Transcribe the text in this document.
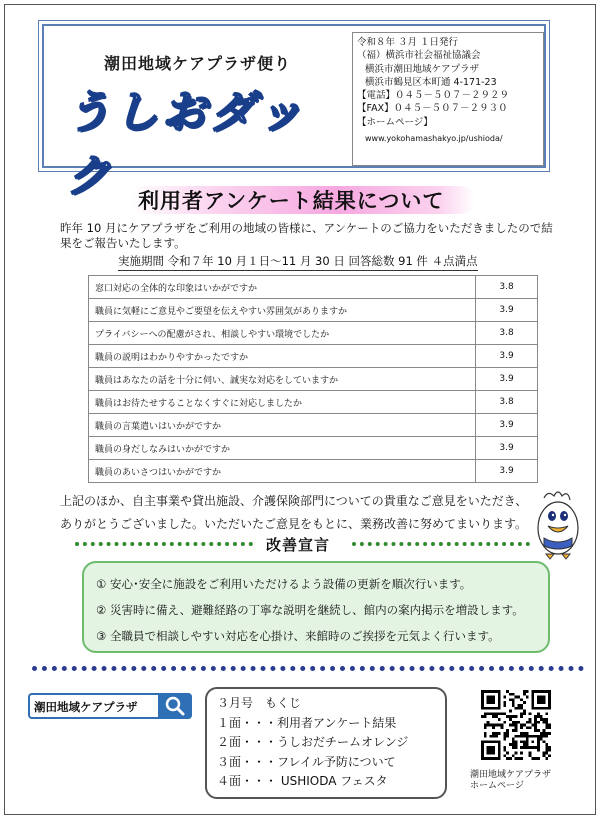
潮田地域ケアプラザ便り
うしおダック
令和８年 ３月 １日発行
（福）横浜市社会福祉協議会
横浜市潮田地域ケアプラザ
横浜市鶴見区本町通 4-171-23
【電話】０４５－５０７－２９２９
【FAX】０４５－５０７－２９３０
【ホームページ】
www.yokohamashakyo.jp/ushioda/
利用者アンケート結果について
昨年 10 月にケアプラザをご利用の地域の皆様に、アンケートのご協力をいただきましたので結果をご報告いたします。
実施期間 令和７年 10 月１日～11 月 30 日 回答総数 91 件 ４点満点
窓口対応の全体的な印象はいかがですか	3.8
職員に気軽にご意見やご要望を伝えやすい雰囲気がありますか	3.9
プライバシーへの配慮がされ、相談しやすい環境でしたか	3.8
職員の説明はわかりやすかったですか	3.9
職員はあなたの話を十分に伺い、誠実な対応をしていますか	3.9
職員はお待たせすることなくすぐに対応しましたか	3.8
職員の言葉遣いはいかがですか	3.9
職員の身だしなみはいかがですか	3.9
職員のあいさつはいかがですか	3.9
上記のほか、自主事業や貸出施設、介護保険部門についての貴重なご意見をいただき、
ありがとうございました。いただいたご意見をもとに、業務改善に努めてまいります。
改善宣言
① 安心･安全に施設をご利用いただけるよう設備の更新を順次行います。
② 災害時に備え、避難経路の丁寧な説明を継続し、館内の案内掲示を増設します。
③ 全職員で相談しやすい対応を心掛け、来館時のご挨拶を元気よく行います。
潮田地域ケアプラザ	３月号　もくじ
１面・・・利用者アンケート結果
２面・・・うしおだチームオレンジ
３面・・・フレイル予防について
４面・・・ USHIODA フェスタ	潮田地域ケアプラザ
ホームページ
